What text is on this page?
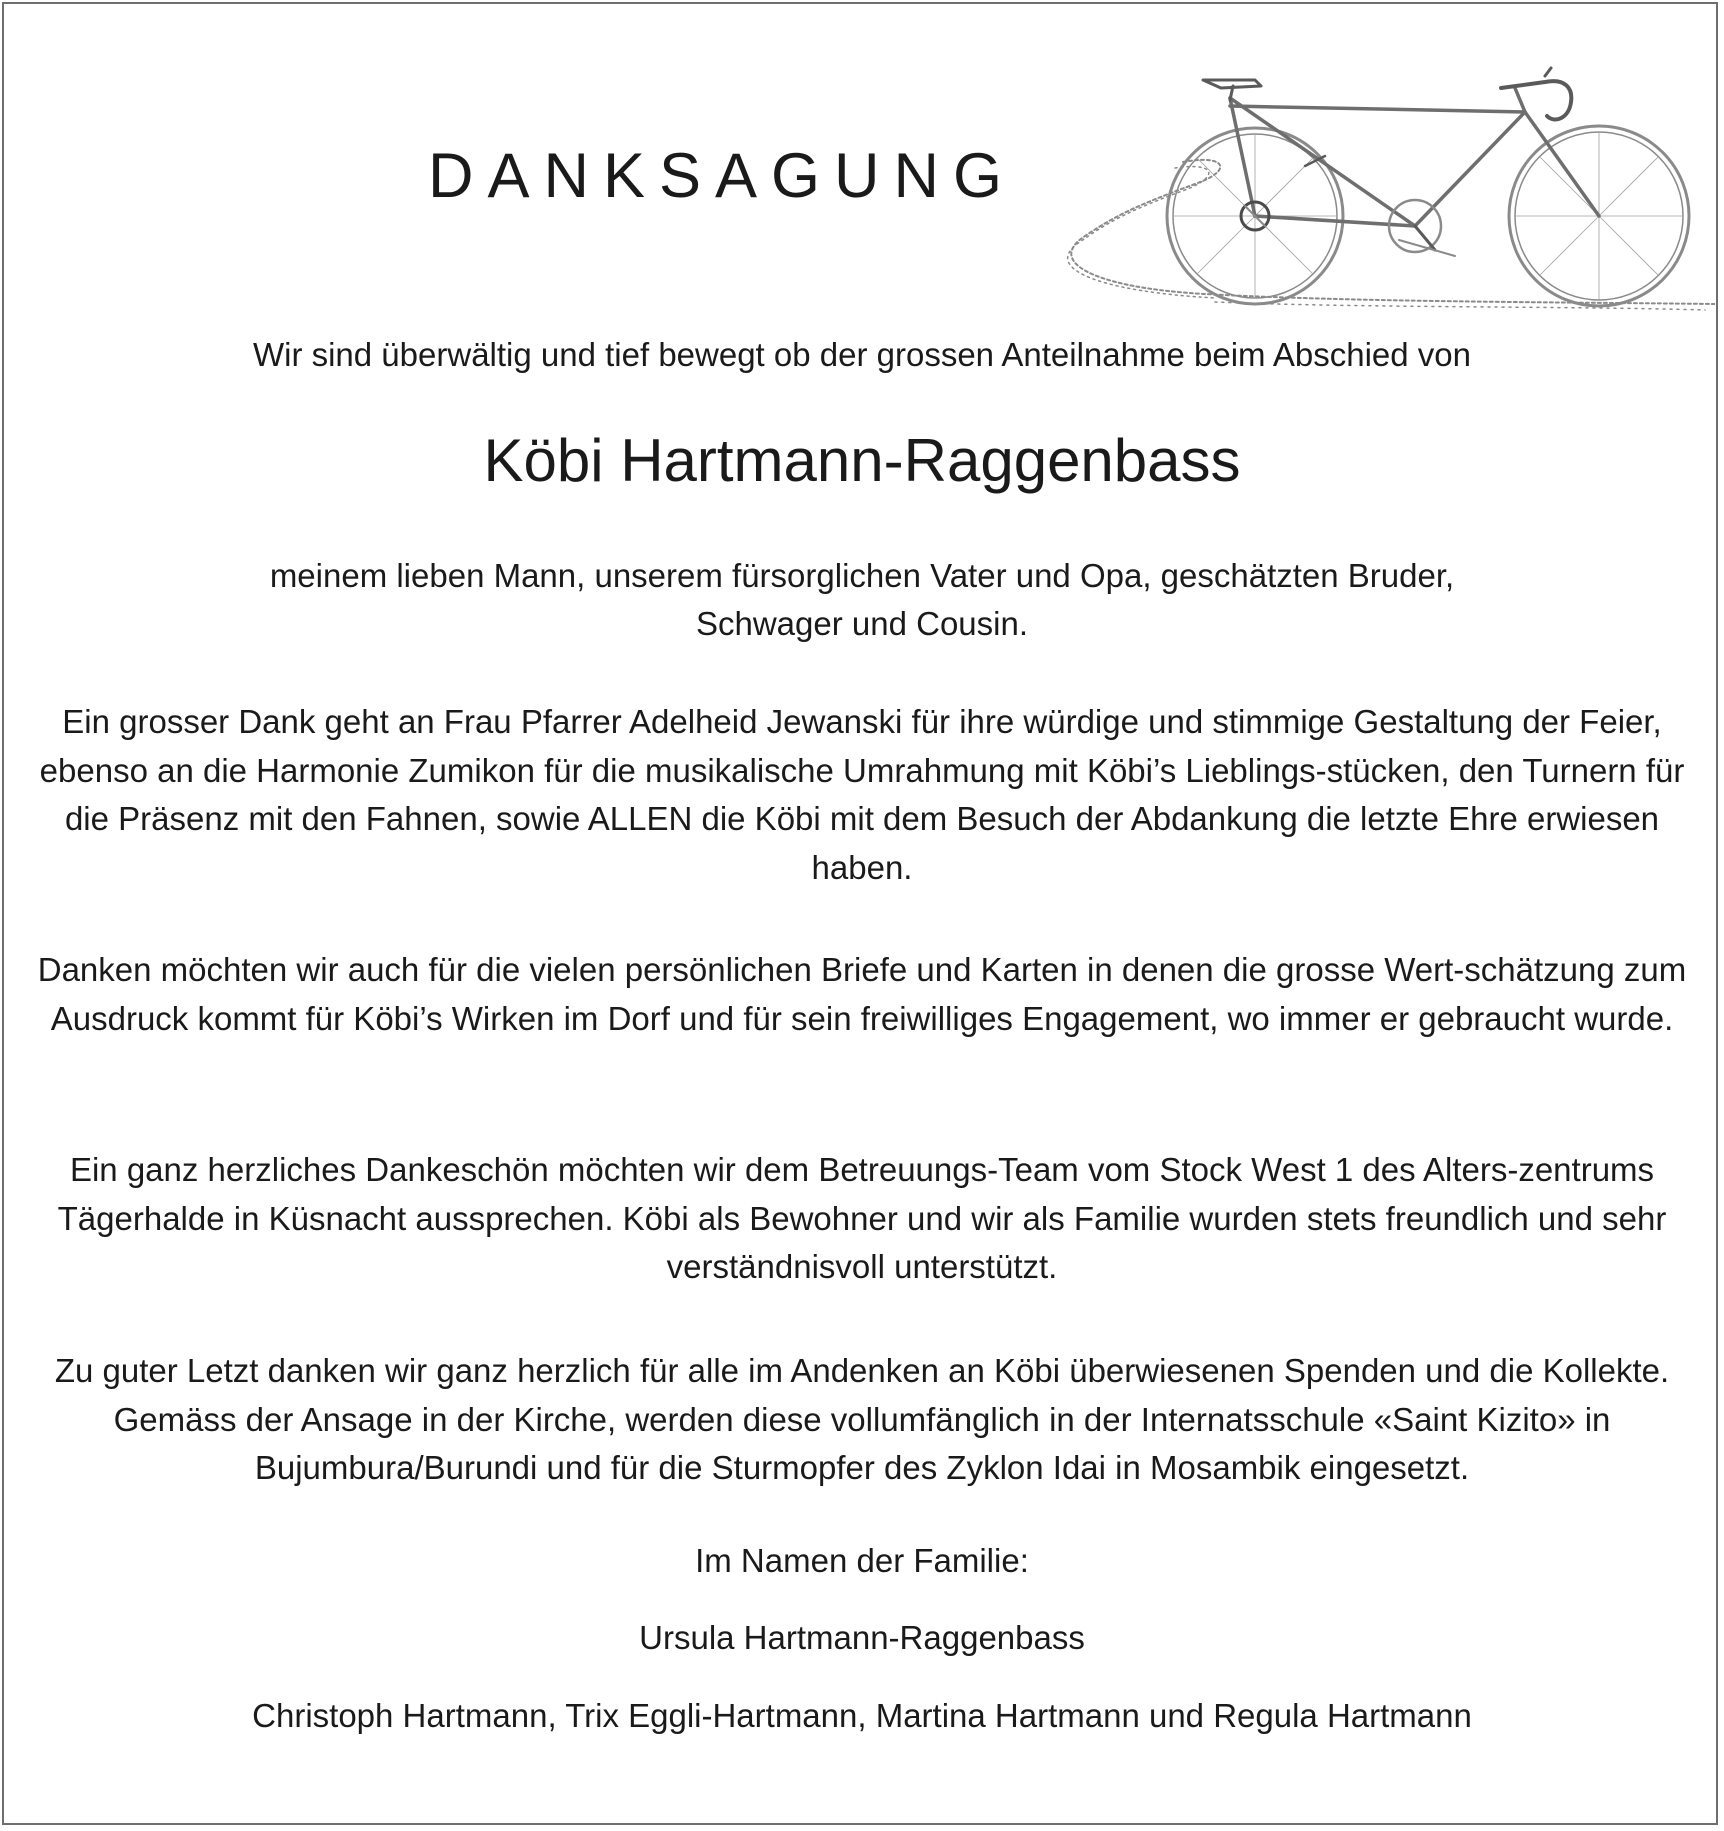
DANKSAGUNG
Wir sind überwältig und tief bewegt ob der grossen Anteilnahme beim Abschied von
Köbi Hartmann-Raggenbass
meinem lieben Mann, unserem fürsorglichen Vater und Opa, geschätzten Bruder,
Schwager und Cousin.

Ein grosser Dank geht an Frau Pfarrer Adelheid Jewanski für ihre würdige und stimmige Gestaltung der Feier, ebenso an die Harmonie Zumikon für die musikalische Umrahmung mit Köbi’s Lieblings-stücken, den Turnern für die Präsenz mit den Fahnen, sowie ALLEN die Köbi mit dem Besuch der Abdankung die letzte Ehre erwiesen haben.

Danken möchten wir auch für die vielen persönlichen Briefe und Karten in denen die grosse Wert-schätzung zum Ausdruck kommt für Köbi’s Wirken im Dorf und für sein freiwilliges Engagement, wo immer er gebraucht wurde.

Ein ganz herzliches Dankeschön möchten wir dem Betreuungs-Team vom Stock West 1 des Alters-zentrums Tägerhalde in Küsnacht aussprechen. Köbi als Bewohner und wir als Familie wurden stets freundlich und sehr verständnisvoll unterstützt.

Zu guter Letzt danken wir ganz herzlich für alle im Andenken an Köbi überwiesenen Spenden und die Kollekte. Gemäss der Ansage in der Kirche, werden diese vollumfänglich in der Internatsschule «Saint Kizito» in Bujumbura/Burundi und für die Sturmopfer des Zyklon Idai in Mosambik eingesetzt.

Im Namen der Familie:
Ursula Hartmann-Raggenbass
Christoph Hartmann, Trix Eggli-Hartmann, Martina Hartmann und Regula Hartmann
